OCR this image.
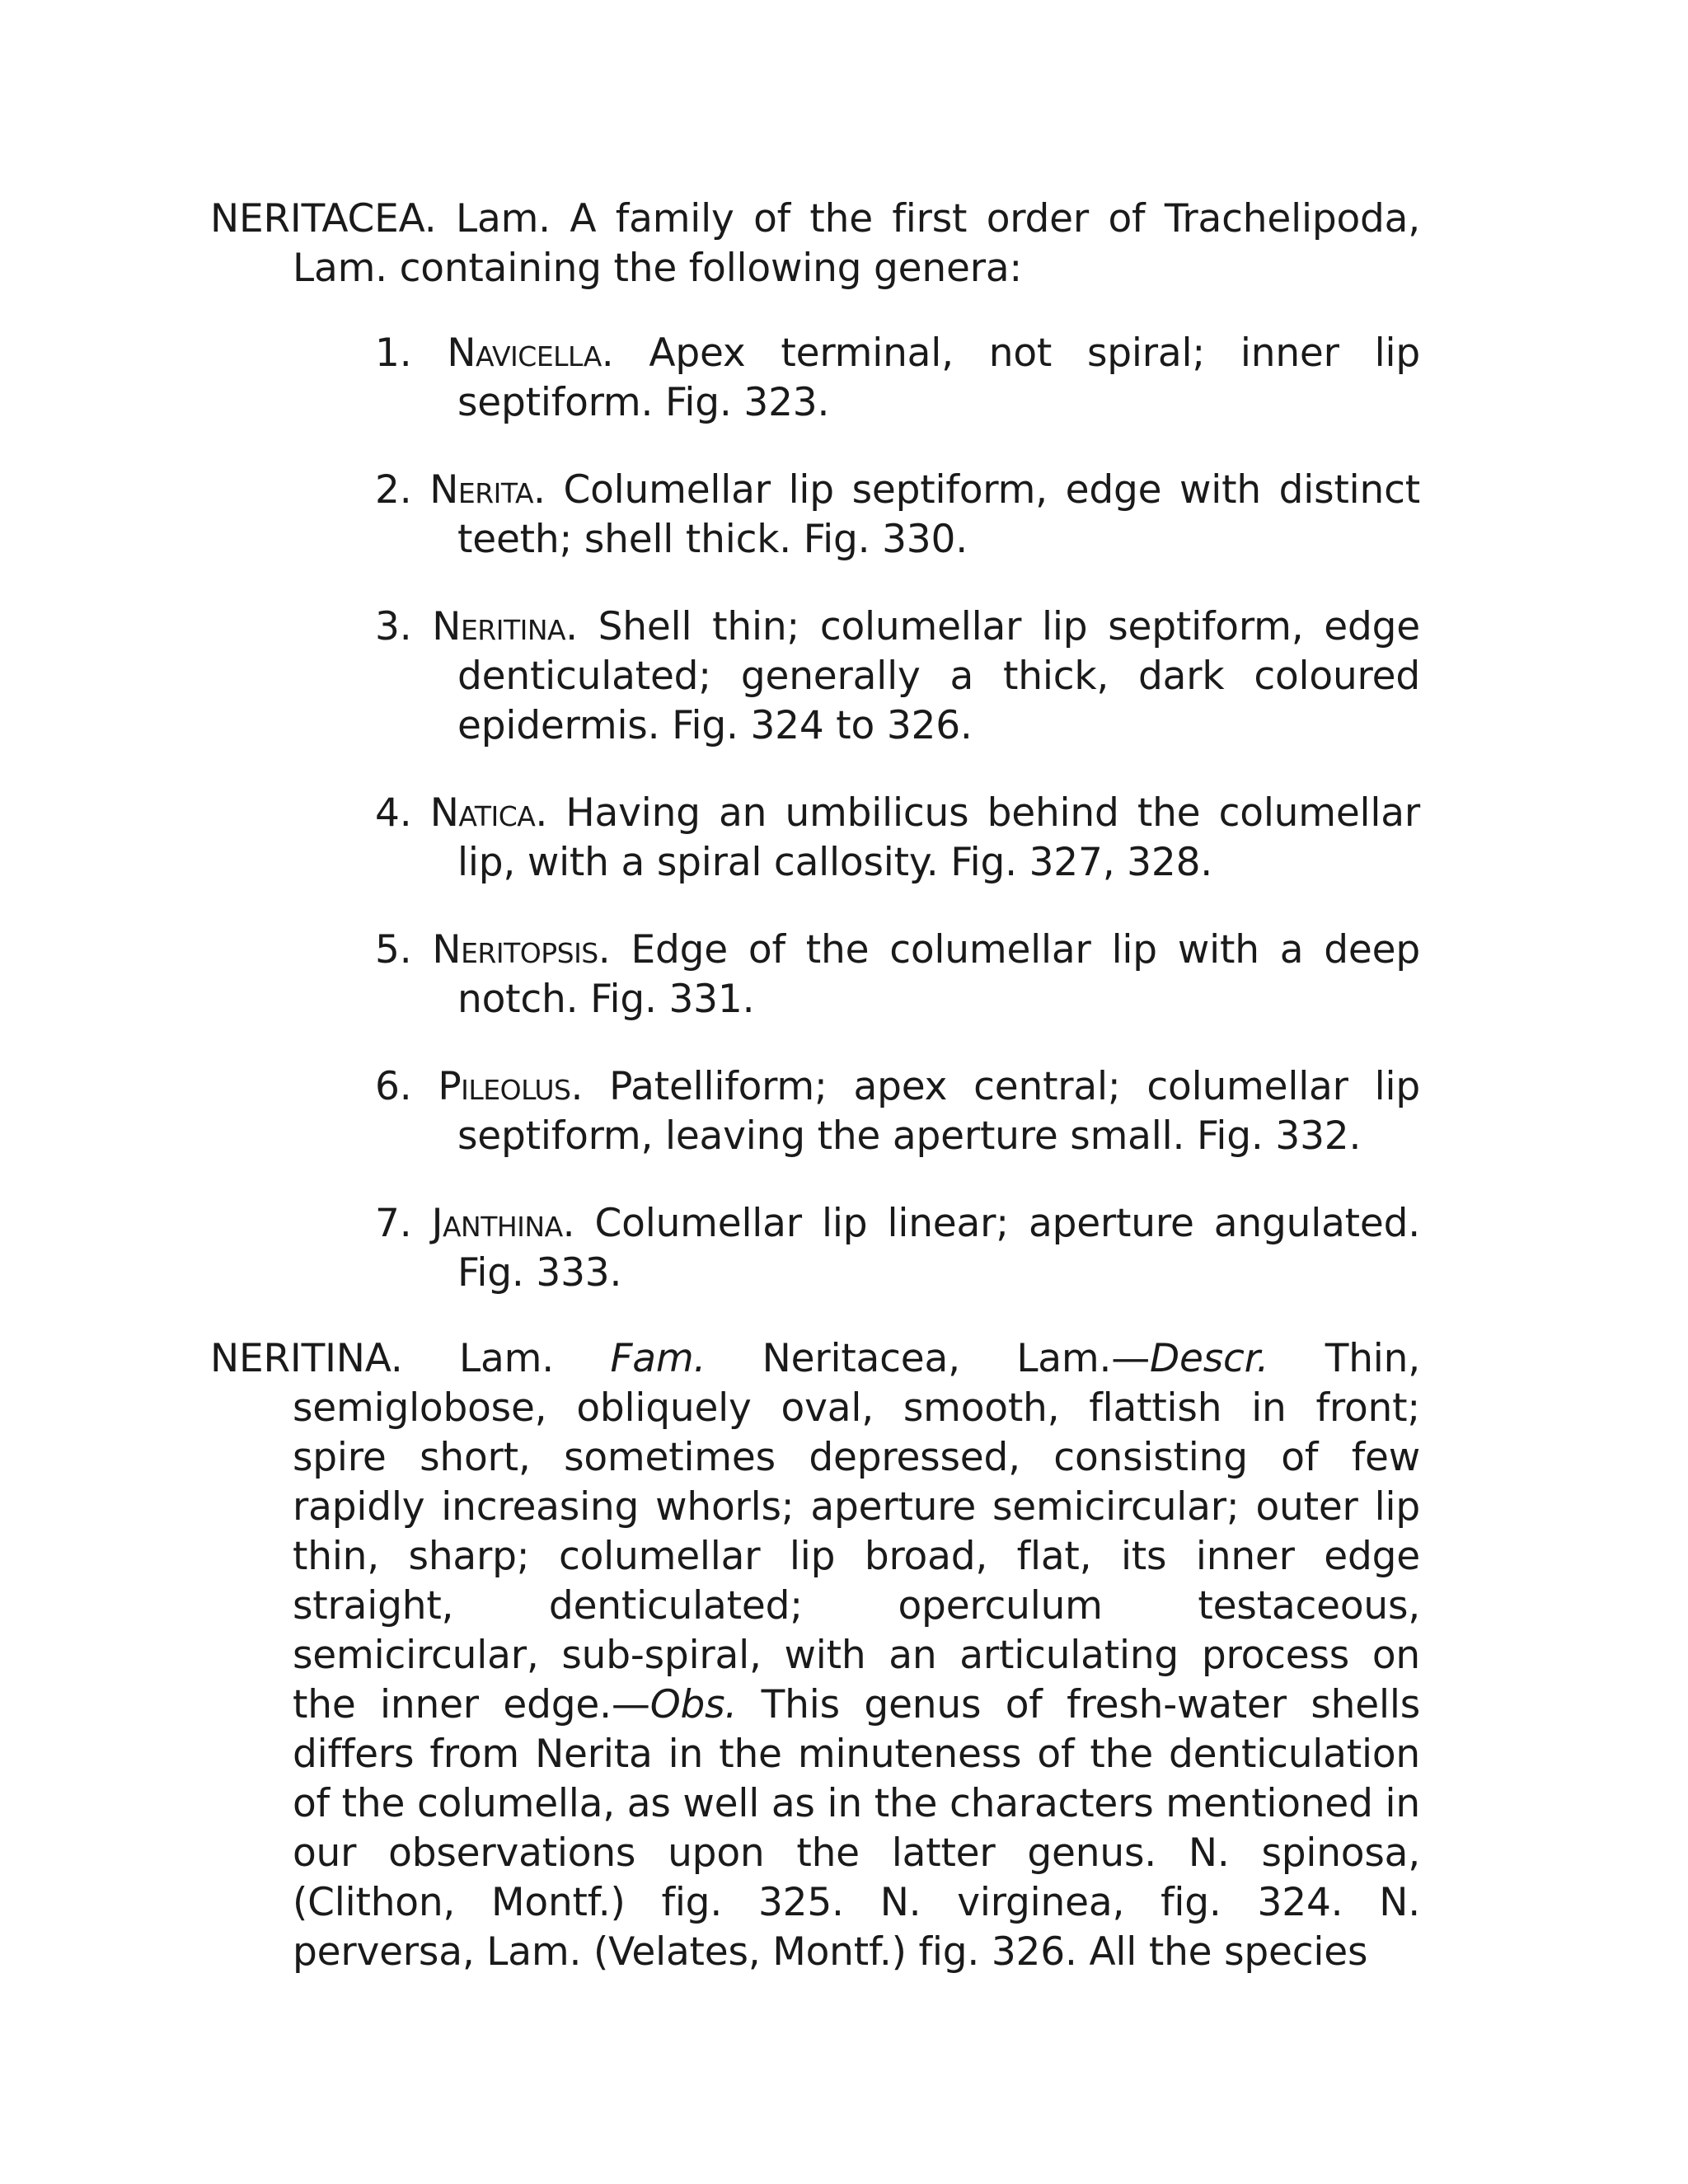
NERITACEA. Lam. A family of the first order of Trachelipoda, Lam. containing the following genera:

1. Navicella. Apex terminal, not spiral; inner lip septiform. Fig. 323.
2. Nerita. Columellar lip septiform, edge with distinct teeth; shell thick. Fig. 330.
3. Neritina. Shell thin; columellar lip septiform, edge denticulated; generally a thick, dark coloured epidermis. Fig. 324 to 326.
4. Natica. Having an umbilicus behind the columellar lip, with a spiral callosity. Fig. 327, 328.
5. Neritopsis. Edge of the columellar lip with a deep notch. Fig. 331.
6. Pileolus. Patelliform; apex central; columellar lip septiform, leaving the aperture small. Fig. 332.
7. Janthina. Columellar lip linear; aperture angulated. Fig. 333.

NERITINA. Lam. Fam. Neritacea, Lam.—Descr. Thin, semiglobose, obliquely oval, smooth, flattish in front; spire short, sometimes depressed, consisting of few rapidly increasing whorls; aperture semicircular; outer lip thin, sharp; columellar lip broad, flat, its inner edge straight, denticulated; operculum testaceous, semicircular, sub-spiral, with an articulating process on the inner edge.—Obs. This genus of fresh-water shells differs from Nerita in the minuteness of the denticulation of the columella, as well as in the characters mentioned in our observations upon the latter genus. N. spinosa, (Clithon, Montf.) fig. 325. N. virginea, fig. 324. N. perversa, Lam. (Velates, Montf.) fig. 326. All the species
